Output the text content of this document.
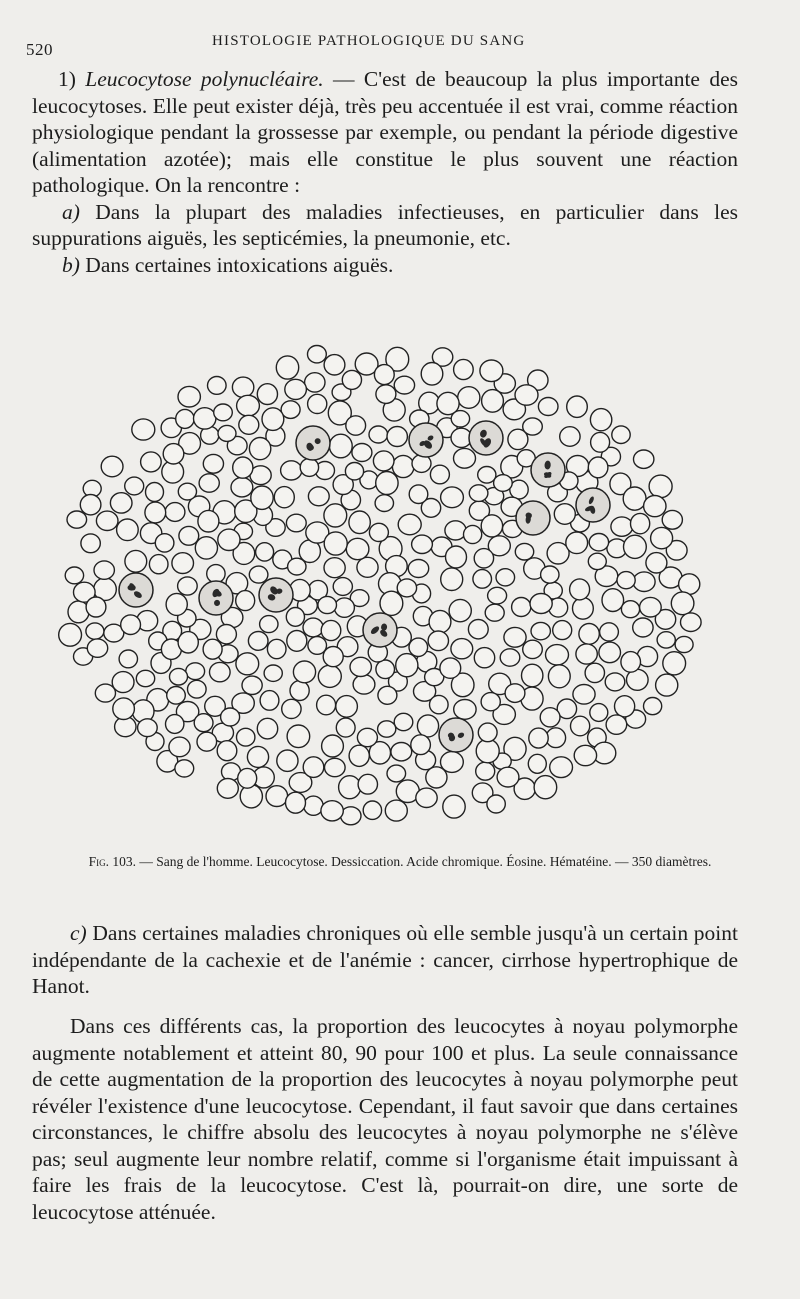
520	HISTOLOGIE PATHOLOGIQUE DU SANG
1) Leucocytose polynucléaire. — C'est de beaucoup la plus importante des leucocytoses. Elle peut exister déjà, très peu accentuée il est vrai, comme réaction physiologique pendant la grossesse par exemple, ou pendant la période digestive (alimentation azotée); mais elle constitue le plus souvent une réaction pathologique. On la rencontre :
a) Dans la plupart des maladies infectieuses, en particulier dans les suppurations aiguës, les septicémies, la pneumonie, etc.
b) Dans certaines intoxications aiguës.
Fig. 103. — Sang de l'homme. Leucocytose. Dessiccation. Acide chromique. Éosine. Hématéine. — 350 diamètres.
c) Dans certaines maladies chroniques où elle semble jusqu'à un certain point indépendante de la cachexie et de l'anémie : cancer, cirrhose hypertrophique de Hanot.
Dans ces différents cas, la proportion des leucocytes à noyau polymorphe augmente notablement et atteint 80, 90 pour 100 et plus. La seule connaissance de cette augmentation de la proportion des leucocytes à noyau polymorphe peut révéler l'existence d'une leucocytose. Cependant, il faut savoir que dans certaines circonstances, le chiffre absolu des leucocytes à noyau polymorphe ne s'élève pas; seul augmente leur nombre relatif, comme si l'organisme était impuissant à faire les frais de la leucocytose. C'est là, pourrait-on dire, une sorte de leucocytose atténuée.
